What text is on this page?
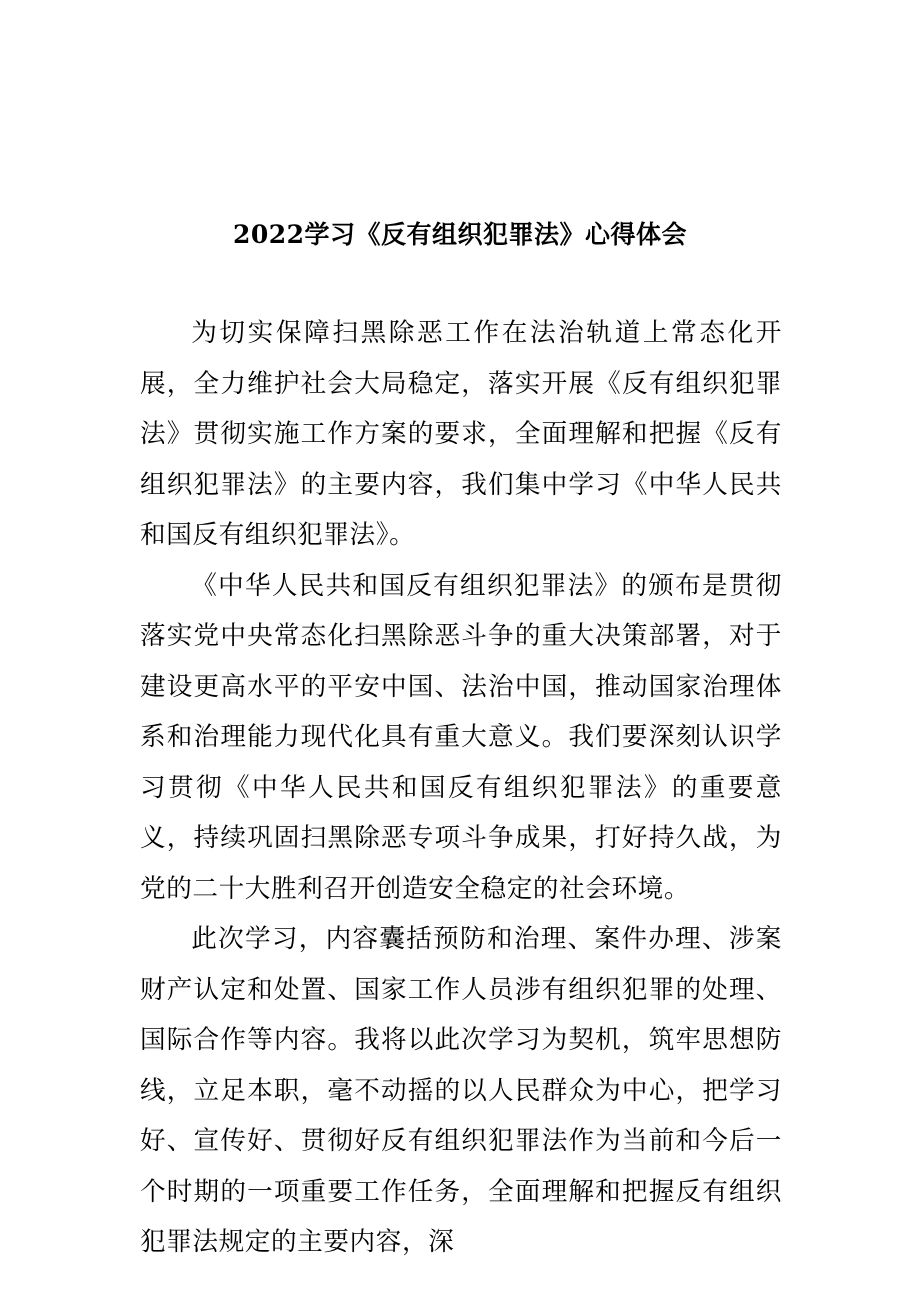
2022学习《反有组织犯罪法》心得体会

为切实保障扫黑除恶工作在法治轨道上常态化开展，全力维护社会大局稳定，落实开展《反有组织犯罪法》贯彻实施工作方案的要求，全面理解和把握《反有组织犯罪法》的主要内容，我们集中学习《中华人民共和国反有组织犯罪法》。

《中华人民共和国反有组织犯罪法》的颁布是贯彻落实党中央常态化扫黑除恶斗争的重大决策部署，对于建设更高水平的平安中国、法治中国，推动国家治理体系和治理能力现代化具有重大意义。我们要深刻认识学习贯彻《中华人民共和国反有组织犯罪法》的重要意义，持续巩固扫黑除恶专项斗争成果，打好持久战，为党的二十大胜利召开创造安全稳定的社会环境。

此次学习，内容囊括预防和治理、案件办理、涉案财产认定和处置、国家工作人员涉有组织犯罪的处理、国际合作等内容。我将以此次学习为契机，筑牢思想防线，立足本职，毫不动摇的以人民群众为中心，把学习好、宣传好、贯彻好反有组织犯罪法作为当前和今后一个时期的一项重要工作任务，全面理解和把握反有组织犯罪法规定的主要内容，深
